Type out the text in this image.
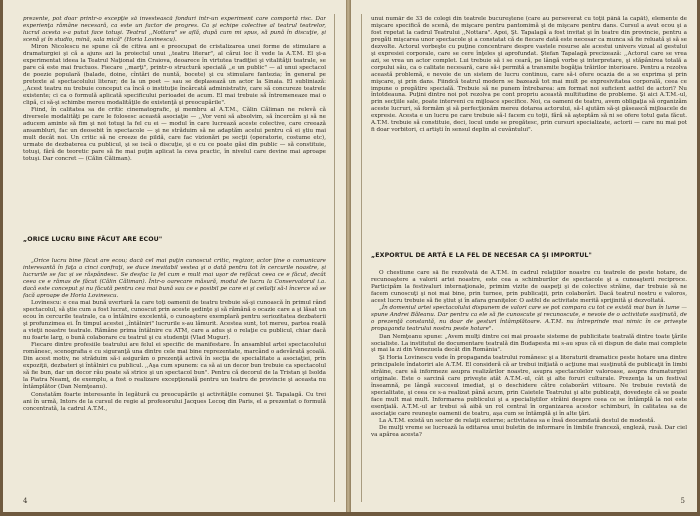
prezente, pot doar printr-o excepţie să investească fonduri într-un experiment care comportă risc. Dar experienţa rămâne necesară, ca este un factor de progres. Ca şi echipe colective al teatrul teatrelor, lucrul acesta s-a putut face totuşi. Teatrul ,,Nottara" se află, după cum mi spus, să pună în discuţie, şi scenă şi în studio, mină, sala mică" (Horia Lovinescu).

Miron Nicolescu ne spune că de citiva ani e preocupat de cristalizarea unei forme de stimulare a dramaturgiei şi că a ajuns azi la proiectul unui ,,teatru literar", al cărui loc îl vede la A.T.M. El şi-a experimentat ideea la Teatrul Naţional din Craiova, deoarece în virtutea tradiţiei şi vitalităţii teatrale, se pare că este mai fructuos. Fiecare ,,marţi", printr-o structură specială ,,e un public" — al unui spectacol de poezie populară (balade, doine, cîntări de nuntă, bocete) şi cu stimulare fantezia; în general pe pretexte al spectacolului literar; de la un poet — sau se deplasează un actor la Sinaia. El subliniază: ,,Acest teatru nu trebuie conceput ca încă o instituţie încărcată administrativ, care să concureze teatrele existente; ci ca o formulă aplicată specificului perioadei de acum. El mai trebuie să întremeneaze mai o clipă, ci să-şi schimbe mereu modalităţile de existenţă şi preocupările".

Fiind, în calitatea sa de critic cinematografic, şi membru al A.T.M., Călin Căliman ne relevă că diversele modalităţi pe care le folosesc această asociaţie — ,,Vor veni să absolvim, să încercăm şi să ne aducem aminte să fim şi noi totuşi la fel cu ei — modul în care lucrează aceste colective, care creează ansambluri, fac un deosebit în spectacole — şi ne străduim să ne adaptăm acelui pentru că ei ştiu mai mult decât noi. Un critic să ne creeze de pildă, care fac vizionări pe secţii (operatorie, costume etc), urmate de dezbaterea cu publicul, şi se iscă o discuţie, şi e cu ce poate găsi din public — să constituie, totuşi, fără de teoretic pare să fie mai puţin aplicat la ceva practic, în nivelul care devine mai aproape totuşi. Dar concret — (Călin Căliman).

„ORICE LUCRU BINE FĂCUT ARE ECOU"

„Orice lucru bine făcut are ecou; dacă cel mai puţin cunoscut critic, regizor, actor ţine o comunicare interesantă în faţa a cinci confraţi, se duce inevitabil vestea şi o dată pentru tot în cercurile noastre, și lucrurile se fac și se răspândesc. Se desfac la fel cum e mult mai uşor de refăcut ceea ce e făcut, decât ceea ce e rămas de făcut (Călin Căliman). Într-o oarecare măsură, modul de lucru la Conservatorul i.a. dacă este conceput şi nu făcută pentru cea mai bună sau ce e posibil pe care ei şi ceilalţi să-l încerce să se facă aproape de Horia Lovinescu.

Lovinescu: e cea mai bună uvertură la care toţi oamenii de teatru trebuie să-şi cunoască în primul rând spectacolul, să ştie cum a fost lucrat, cunoscut prin aceste şedinţe şi să rămână o ocazie care a şi lăsat un ecou în cercurile teatrale, ca o întâlnire excelentă, o cunoaştere exemplară pentru seriozitatea dezbaterii şi profunzimea ei. În timpul acestei ,,întâlniri" lucrurile s-au lămurit. Acestea sunt, tot mereu, partea reală a vieţii noastre teatrale. Rămâne prima întâlnire cu ATM, care a adus şi o relaţie cu publicul, chiar dacă nu foarte larg, o bună colaborare cu teatrul şi cu studenţii (Vlad Mugur).

Fiecare dintre profesiile teatrului are felul ei specific de manifestare. În ansamblul artei spectacolului românesc, scenografia e cu siguranţă una dintre cele mai bine reprezentate, marcând o adevărată şcoală. Din acest motiv, ne străduim să-i asigurăm o prezenţă activă în secţia de specialitate a asociaţiei, prin expoziţii, dezbateri şi întâlniri cu publicul. ,,Aşa cum spunem: ca să ai un decor bun trebuie ca spectacolul să fie bun, dar un decor rău poate să strice şi un spectacol bun". Pentru că decorul de la Tristan şi Isolda la Piatra Neamţ, de exemplu, a fost o realizare excepţională pentru un teatru de provincie şi aceasta nu întâmplător (Dan Nemţeanu).

Constatăm foarte interesante în legătură cu preocupările şi activităţile comunei Şt. Tapalagă. Cu trei ani în urmă, Intors de la cursul de regie al profesorului Jacques Lecoq din Paris, el a prezentat o formulă concentrată, la cadrul A.T.M.,

4

unui număr de 33 de colegi din teatrele bucureştene (care au perseverat cu toţii până la capăt), elemente de mişcare specifică de scenă, de mişcare pentru pantomimă şi de mişcare pentru dans. Cursul a avut ecou şi a fost repetat la cadrul Teatrului ,,Nottara". Apoi, Şt. Tapalagă a fost invitat şi în teatre din provincie, pentru a pregăti mişcarea unor spectacole şi a constatat că de fiecare dată este necesar ca munca să fie reluată şi să se dezvolte. Actorul vorbeşte cu puţine concentrare despre vastele resurse ale acestui univers vizual al gestului şi expresiei corporale, care se cere înţeles şi aprofundat. Ştefan Tapalagă precizează: ,,Actorul care se vrea azi, se vrea un actor complet. Lui trebuie să i se ceară, pe lângă vorbe şi interpretare, şi stăpânirea totală a corpului său, ca o calitate necesară, care să-i permită a transmite bogăţia trăirilor interioare. Pentru a rezolva această problemă, e nevoie de un sistem de lucru continuu, care să-i ofere ocazia de a se exprima şi prin mişcare, şi prin dans. Fiindcă teatrul modern se bazează tot mai mult pe expresivitatea corporală, ceea ce impune o pregătire specială. Trebuie să ne punem întrebarea: am format noi suficient astfel de actori? Nu întotdeauna. Puţini dintre noi pot rezolva pe cont propriu această multitudine de probleme. Şi aici A.T.M.-ul, prin secţiile sale, poate interveni cu mijloace specifice. Noi, ca oameni de teatru, avem obligaţia să organizăm aceste lucruri, să formăm şi să perfecţionăm mereu dotarea actorului, să-l ajutăm să-şi găsească mijloacele de expresie. Acesta e un lucru pe care trebuie să-l facem cu toţii, fără să aşteptăm să ni se ofere totul gata făcut. A.T.M. trebuie să constituie, deci, locul unde se pregătesc, prin cursuri specializate, actorii — care nu mai pot fi doar vorbitori, ci artişti în sensul deplin al cuvântului".

„EXPORTUL DE ARTĂ E LA FEL DE NECESAR CA ŞI IMPORTUL"

O chestiune care să fie rezolvată de A.T.M. în cadrul relaţiilor noastre cu teatrele de peste hotare, de recunoaştere a valorii artei noastre, este cea a schimburilor de spectacole şi a cunoaşterii reciproce. Participăm la festivaluri internaţionale, primim vizite de oaspeţi şi de colective străine, dar trebuie să ne facem cunoscuţi şi noi mai bine, prin turnee, prin publicaţii, prin colaborări. Dacă teatrul nostru e valoros, acest lucru trebuie să fie ştiut şi în afara graniţelor. O astfel de activitate merită sprijinită şi dezvoltată.

„În domeniul artei spectacolului dispunem de valori care se pot compara cu tot ce există mai bun în lume — spune Andrei Băleanu. Dar pentru ca ele să fie cunoscute şi recunoscute, e nevoie de o activitate susţinută, de o prezenţă constantă, nu doar de gesturi întâmplătoare. A.T.M. nu întreprinde mai nimic în ce priveşte propaganda teatrului nostru peste hotare".

Dan Nemţeanu spune: „Avem mulţi dintre cei mai proaste sisteme de publicitate teatrală dintre toate ţările socialiste. La institutul de documentare teatrală din Budapesta mi s-au spus că ei dispun de date mai complete şi mai la zi din Venezuela decât din România".

Şi Horia Lovinescu vede în propaganda teatrului românesc şi a literaturii dramatice peste hotare una dintre principalele îndatoriri ale A.T.M. El consideră că ar trebui iniţiată o acţiune mai susţinută de publicaţii în limbi străine, care să informeze asupra realizărilor noastre, asupra spectacolelor valoroase, asupra dramaturgiei originale. Este o sarcină care priveşte atât A.T.M.-ul, cât şi alte foruri culturale. Prezenţa la un festival înseamnă, pe lângă succesul imediat, şi o deschidere către colaborări viitoare. Ne trebuie revistă de specialitate, şi ceea ce s-a realizat până acum, prin Caietele Teatrului şi alte publicaţii, dovedeşte că se poate face mult mai mult. Informarea publicului şi a specialiştilor străini despre ceea ce se întâmplă la noi este esenţială. A.T.M.-ul ar trebui să aibă un rol central în organizarea acestor schimburi, în calitatea sa de asociaţie care reuneşte oamenii de teatru, aşa cum se întâmplă şi în alte ţări.

La A.T.M. există un sector de relaţii externe; activitatea sa e însă deocamdată destul de modestă.

De mulţi vreme se lucrează la editarea unui buletin de informare în limbile franceză, engleză, rusă. Dar ciel va apărea acesta?

5
